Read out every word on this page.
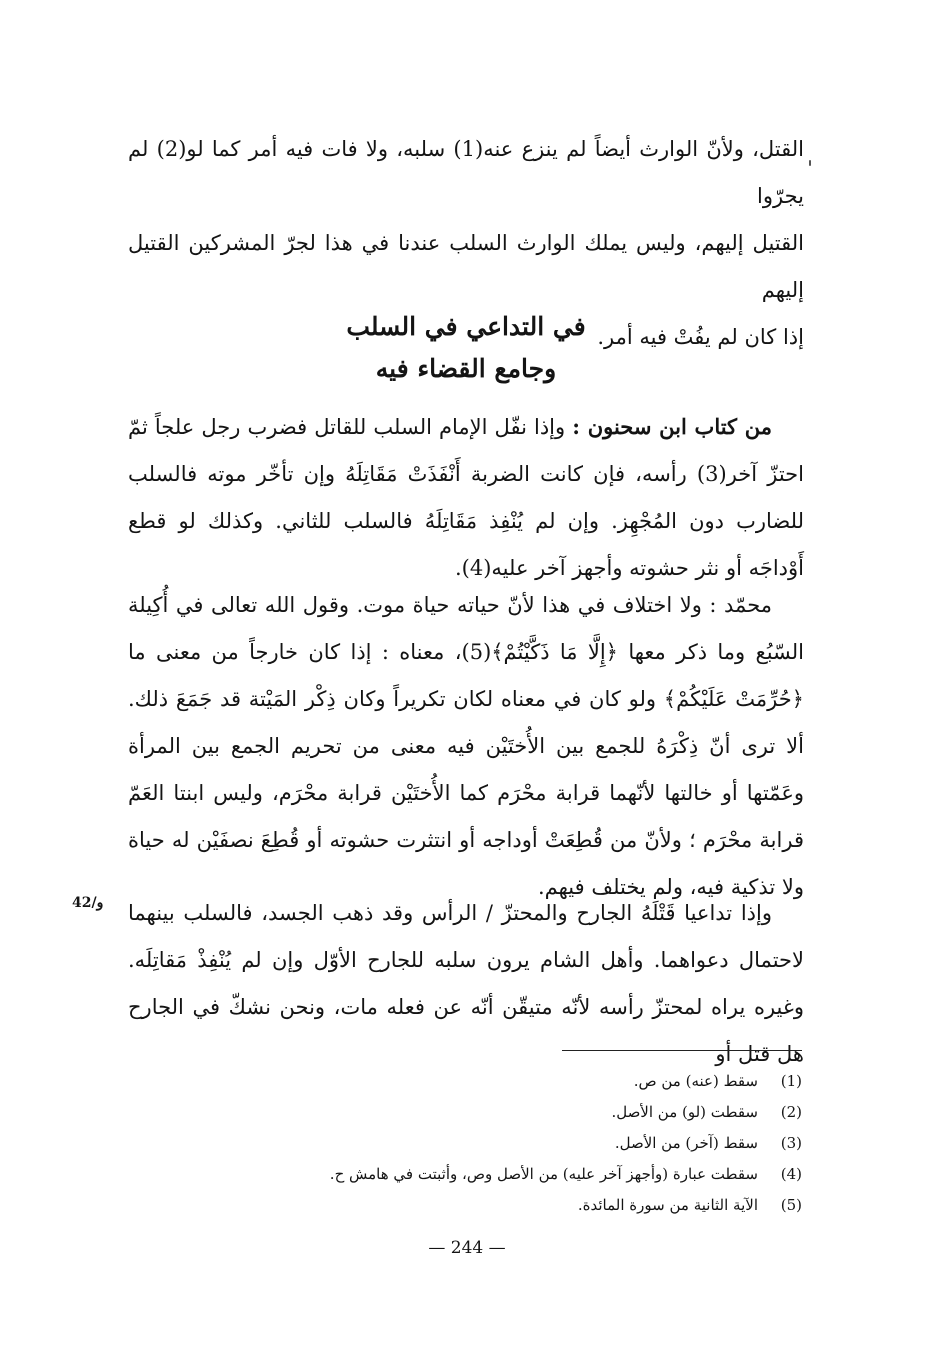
القتل، ولأنّ الوارث أيضاً لم ينزع عنه(1) سلبه، ولا فات فيه أمر كما لو(2) لم يجرّوا
القتيل إليهم، وليس يملك الوارث السلب عندنا في هذا لجرّ المشركين القتيل إليهم
إذا كان لم يفُتْ فيه أمر.
في التداعي في السلب
وجامع القضاء فيه

من كتاب ابن سحنون : وإذا نفّل الإمام السلب للقاتل فضرب رجل علجاً ثمّ احتزّ آخر(3) رأسه، فإن كانت الضربة أَنْفَذَتْ مَقَاتِلَهُ وإن تأخّر موته فالسلب للضارب دون المُجْهِز. وإن لم يُنْفِذ مَقَاتِلَهُ فالسلب للثاني. وكذلك لو قطع أَوْداجَه أو نثر حشوته وأجهز آخر عليه(4).

محمّد : ولا اختلاف في هذا لأنّ حياته حياة موت. وقول الله تعالى في أُكِيلة السّبُع وما ذكر معها ﴿إِلَّا مَا ذَكَّيْتُمْ﴾(5)، معناه : إذا كان خارجاً من معنى ما ﴿حُرِّمَتْ عَلَيْكُمْ﴾ ولو كان في معناه لكان تكريراً وكان ذِكْر المَيْتة قد جَمَعَ ذلك. ألا ترى أنّ ذِكْرَهُ للجمع بين الأُختَيْن فيه معنى من تحريم الجمع بين المرأة وعَمّتها أو خالتها لأنّهما قرابة محْرَم كما الأُختَيْن قرابة محْرَم، وليس ابنتا العَمّ قرابة محْرَم ؛ ولأنّ من قُطِعَتْ أوداجه أو انتثرت حشوته أو قُطِعَ نصفَيْن له حياة ولا تذكية فيه، ولم يختلف فيهم.

وإذا تداعيا قَتْلَهُ الجارح والمحتزّ / الرأس وقد ذهب الجسد، فالسلب بينهما لاحتمال دعواهما. وأهل الشام يرون سلبه للجارح الأوّل وإن لم يُنْفِذْ مَقاتِلَه. وغيره يراه لمحتزّ رأسه لأنّه متيقّن أنّه عن فعله مات، ونحن نشكّ في الجارح هل قتل أو

42/و
(1)
سقط (عنه) من ص.
(2)
سقطت (لو) من الأصل.
(3)
سقط (آخر) من الأصل.
(4)
سقطت عبارة (وأجهز آخر عليه) من الأصل وص، وأثبتت في هامش ح.
(5)
الآية الثانية من سورة المائدة.
— 244 —
